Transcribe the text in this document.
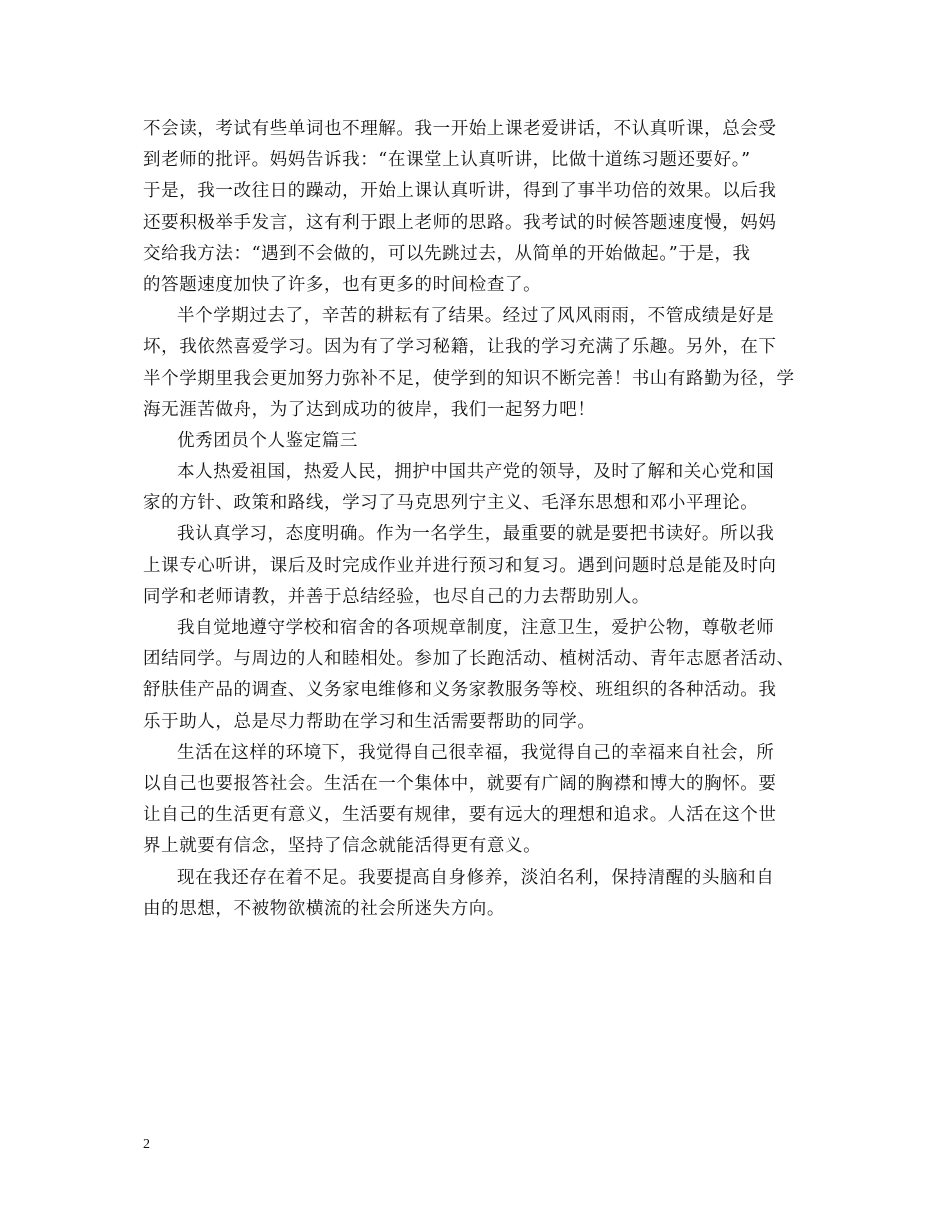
不会读，考试有些单词也不理解。我一开始上课老爱讲话，不认真听课，总会受
到老师的批评。妈妈告诉我：“在课堂上认真听讲，比做十道练习题还要好。”
于是，我一改往日的躁动，开始上课认真听讲，得到了事半功倍的效果。以后我
还要积极举手发言，这有利于跟上老师的思路。我考试的时候答题速度慢，妈妈
交给我方法：“遇到不会做的，可以先跳过去，从简单的开始做起。”于是，我
的答题速度加快了许多，也有更多的时间检查了。
半个学期过去了，辛苦的耕耘有了结果。经过了风风雨雨，不管成绩是好是
坏，我依然喜爱学习。因为有了学习秘籍，让我的学习充满了乐趣。另外，在下
半个学期里我会更加努力弥补不足，使学到的知识不断完善！书山有路勤为径，学
海无涯苦做舟，为了达到成功的彼岸，我们一起努力吧！
优秀团员个人鉴定篇三
本人热爱祖国，热爱人民，拥护中国共产党的领导，及时了解和关心党和国
家的方针、政策和路线，学习了马克思列宁主义、毛泽东思想和邓小平理论。
我认真学习，态度明确。作为一名学生，最重要的就是要把书读好。所以我
上课专心听讲，课后及时完成作业并进行预习和复习。遇到问题时总是能及时向
同学和老师请教，并善于总结经验，也尽自己的力去帮助别人。
我自觉地遵守学校和宿舍的各项规章制度，注意卫生，爱护公物，尊敬老师
团结同学。与周边的人和睦相处。参加了长跑活动、植树活动、青年志愿者活动、
舒肤佳产品的调查、义务家电维修和义务家教服务等校、班组织的各种活动。我
乐于助人，总是尽力帮助在学习和生活需要帮助的同学。
生活在这样的环境下，我觉得自己很幸福，我觉得自己的幸福来自社会，所
以自己也要报答社会。生活在一个集体中，就要有广阔的胸襟和博大的胸怀。要
让自己的生活更有意义，生活要有规律，要有远大的理想和追求。人活在这个世
界上就要有信念，坚持了信念就能活得更有意义。
现在我还存在着不足。我要提高自身修养，淡泊名利，保持清醒的头脑和自
由的思想，不被物欲横流的社会所迷失方向。
2
